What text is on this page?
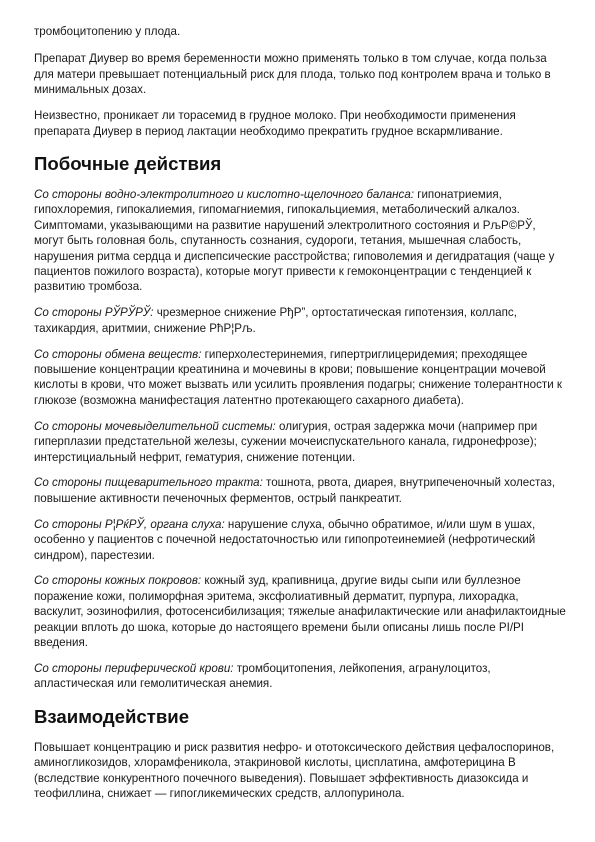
тромбоцитопению у плода.

Препарат Диувер во время беременности можно применять только в том случае, когда польза для матери превышает потенциальный риск для плода, только под контролем врача и только в минимальных дозах.

Неизвестно, проникает ли торасемид в грудное молоко. При необходимости применения препарата Диувер в период лактации необходимо прекратить грудное вскармливание.

Побочные действия

Со стороны водно-электролитного и кислотно-щелочного баланса: гипонатриемия, гипохлоремия, гипокалиемия, гипомагниемия, гипокальциемия, метаболический алкалоз. Симптомами, указывающими на развитие нарушений электролитного состояния и РљР©РЎ, могут быть головная боль, спутанность сознания, судороги, тетания, мышечная слабость, нарушения ритма сердца и диспепсические расстройства; гиповолемия и дегидратация (чаще у пациентов пожилого возраста), которые могут привести к гемоконцентрации с тенденцией к развитию тромбоза.

Со стороны РЎРЎРЎ: чрезмерное снижение РђР”, ортостатическая гипотензия, коллапс, тахикардия, аритмии, снижение РћР¦Рљ.

Со стороны обмена веществ: гиперхолестеринемия, гипертриглицеридемия; преходящее повышение концентрации креатинина и мочевины в крови; повышение концентрации мочевой кислоты в крови, что может вызвать или усилить проявления подагры; снижение толерантности к глюкозе (возможна манифестация латентно протекающего сахарного диабета).

Со стороны мочевыделительной системы: олигурия, острая задержка мочи (например при гиперплазии предстательной железы, сужении мочеиспускательного канала, гидронефрозе); интерстициальный нефрит, гематурия, снижение потенции.

Со стороны пищеварительного тракта: тошнота, рвота, диарея, внутрипеченочный холестаз, повышение активности печеночных ферментов, острый панкреатит.

Со стороны Р¦РќРЎ, органа слуха: нарушение слуха, обычно обратимое, и/или шум в ушах, особенно у пациентов с почечной недостаточностью или гипопротеинемией (нефротический синдром), парестезии.

Со стороны кожных покровов: кожный зуд, крапивница, другие виды сыпи или буллезное поражение кожи, полиморфная эритема, эксфолиативный дерматит, пурпура, лихорадка, васкулит, эозинофилия, фотосенсибилизация; тяжелые анафилактические или анафилактоидные реакции вплоть до шока, которые до настоящего времени были описаны лишь после РІ/РІ введения.

Со стороны периферической крови: тромбоцитопения, лейкопения, агранулоцитоз, апластическая или гемолитическая анемия.

Взаимодействие

Повышает концентрацию и риск развития нефро- и ототоксического действия цефалоспоринов, аминогликозидов, хлорамфеникола, этакриновой кислоты, цисплатина, амфотерицина В (вследствие конкурентного почечного выведения). Повышает эффективность диазоксида и теофиллина, снижает — гипогликемических средств, аллопуринола.
